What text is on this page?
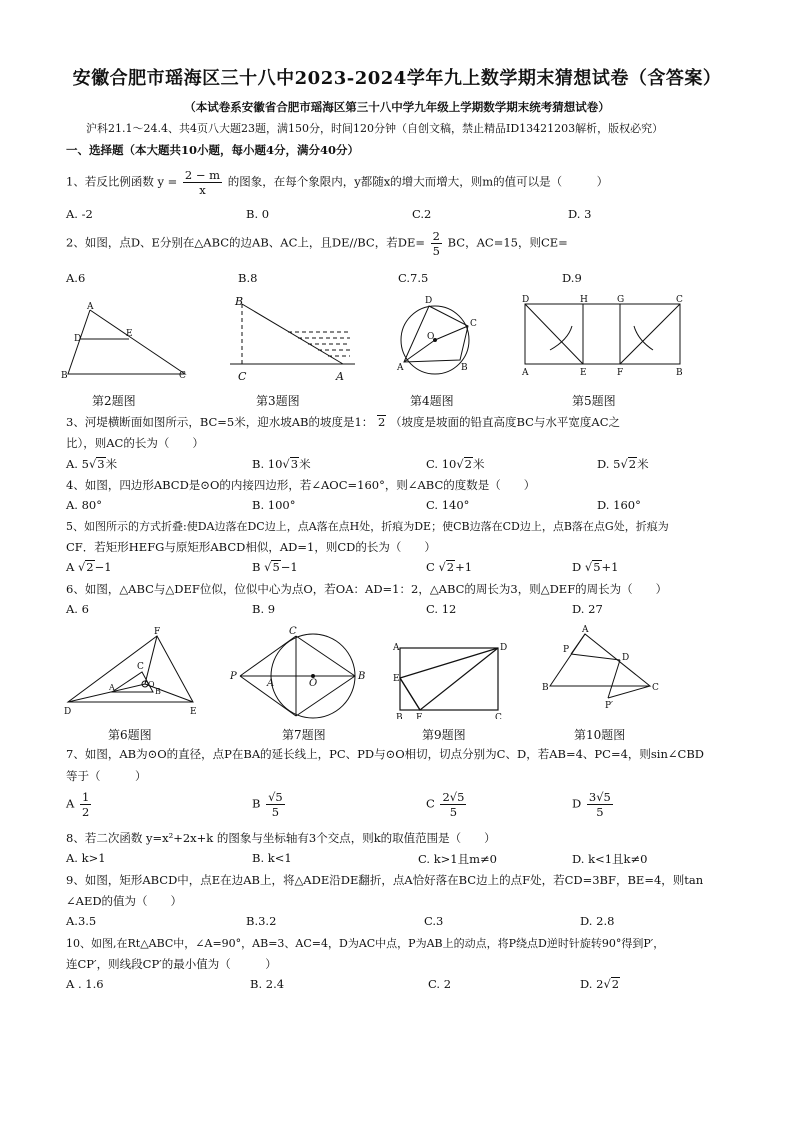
安徽合肥市瑶海区三十八中2023-2024学年九上数学期末猜想试卷（含答案）
（本试卷系安徽省合肥市瑶海区第三十八中学九年级上学期数学期末统考猜想试卷）
沪科21.1～24.4、共4页八大题23题，满150分，时间120分钟（自创文稿，禁止精品ID13421203解析，版权必究）
一、选择题（本大题共10小题，每小题4分，满分40分）
1、若反比例函数 $y = \frac{2 - m}{x}$ 的图象，在每个象限内，y都随x的增大而增大，则m的值可以是（　　　）
A. -2	B. 0	C.2	D. 3
2、如图，点D、E分别在△ABC的边AB、AC上，且DE//BC，若$DE= \frac{2}{5}$ BC，AC=15，则CE=
A.6	B.8	C.7.5	D.9
A
D	E
B	C
B
C	A
D
C
O
A	B
D	H	G	C
A	E	F	B
第2题图	第3题图	第4题图	第5题图
3、河堤横断面如图所示，BC=5米，迎水坡AB的坡度是1： 2 （坡度是坡面的铅直高度BC与水平宽度AC之
比），则AC的长为（　　）
A. 5√3米	B. 10√3米	C. 10√2米	D. 5√2米
4、如图，四边形ABCD是⊙O的内接四边形，若∠AOC=160°，则∠ABC的度数是（　　）
A. 80°	B. 100°	C. 140°	D. 160°
5、如图所示的方式折叠:使DA边落在DC边上，点A落在点H处，折痕为DE；使CB边落在CD边上，点B落在点G处，折痕为
CF．若矩形HEFG与原矩形ABCD相似，AD=1，则CD的长为（　　）
A √2−1	B √5−1	C √2+1	D √5+1
6、如图，△ABC与△DEF位似，位似中心为点O，若OA：AD=1：2，△ABC的周长为3，则△DEF的周长为（　　）
A. 6	B. 9	C. 12	D. 27
F
C
O
A	B
D	E
P
A	O
B
C
A	D
E
B F	C
A
P
D
B	C
P′
第6题图	第7题图	第9题图	第10题图
7、如图，AB为⊙O的直径，点P在BA的延长线上，PC、PD与⊙O相切，切点分别为C、D，若AB=4、PC=4，则sin∠CBD
等于（　　　）
A $\frac{1}{2}$	B $\frac{√5}{5}$	C $\frac{2√5}{5}$	D $\frac{3√5}{5}$
8、若二次函数 y=x²+2x+k 的图象与坐标轴有3个交点，则k的取值范围是（　　）
A. k>1	B. k<1	C. k>1且m≠0	D. k<1且k≠0
9、如图，矩形ABCD中，点E在边AB上，将△ADE沿DE翻折，点A恰好落在BC边上的点F处，若CD=3BF，BE=4，则tan
∠AED的值为（　　）
A.3.5	B.3.2	C.3	D. 2.8
10、如图,在Rt△ABC中，∠A=90°，AB=3、AC=4，D为AC中点，P为AB上的动点，将P绕点D逆时针旋转90°得到P′，
连CP′，则线段CP′的最小值为（　　　）
A . 1.6	B. 2.4	C. 2	D. 2√2
